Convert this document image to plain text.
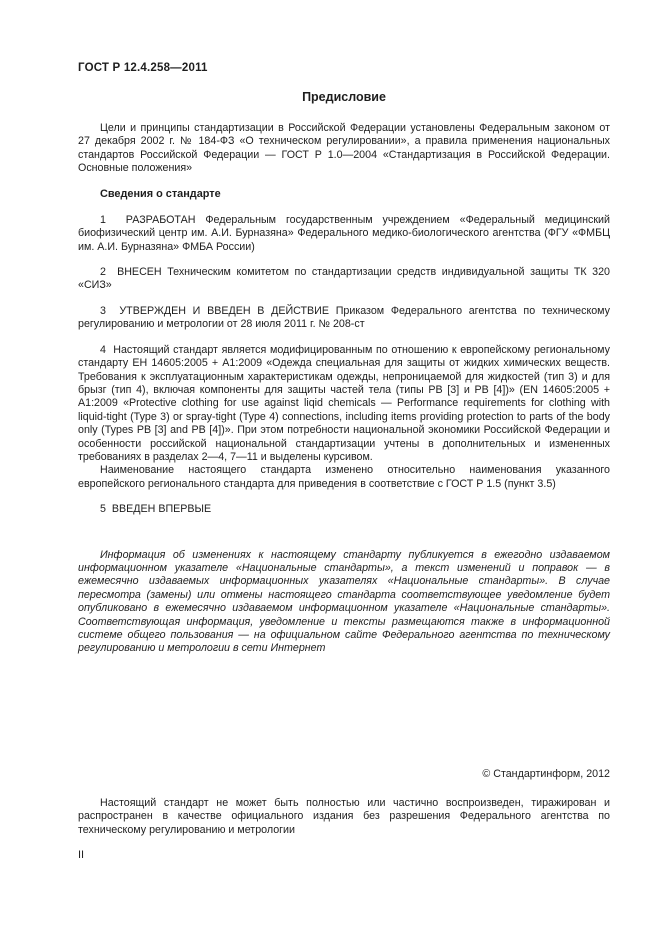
ГОСТ Р 12.4.258—2011
Предисловие

Цели и принципы стандартизации в Российской Федерации установлены Федеральным законом от 27 декабря 2002 г. № 184-ФЗ «О техническом регулировании», а правила применения национальных стандартов Российской Федерации — ГОСТ Р 1.0—2004 «Стандартизация в Российской Федерации. Основные положения»

Сведения о стандарте

1  РАЗРАБОТАН Федеральным государственным учреждением «Федеральный медицинский биофизический центр им. А.И. Бурназяна» Федерального медико-биологического агентства (ФГУ «ФМБЦ им. А.И. Бурназяна» ФМБА России)

2  ВНЕСЕН Техническим комитетом по стандартизации средств индивидуальной защиты ТК 320 «СИЗ»

3  УТВЕРЖДЕН И ВВЕДЕН В ДЕЙСТВИЕ Приказом Федерального агентства по техническому регулированию и метрологии от 28 июля 2011 г. № 208-ст

4  Настоящий стандарт является модифицированным по отношению к европейскому региональному стандарту ЕН 14605:2005 + А1:2009 «Одежда специальная для защиты от жидких химических веществ. Требования к эксплуатационным характеристикам одежды, непроницаемой для жидкостей (тип 3) и для брызг (тип 4), включая компоненты для защиты частей тела (типы РВ [3] и РВ [4])» (EN 14605:2005 + A1:2009 «Protective clothing for use against liqid chemicals — Performance requirements for clothing with liquid-tight (Type 3) or spray-tight (Type 4) connections, including items providing protection to parts of the body only (Types PB [3] and PB [4])». При этом потребности национальной экономики Российской Федерации и особенности российской национальной стандартизации учтены в дополнительных и измененных требованиях в разделах 2—4, 7—11 и выделены курсивом.

Наименование настоящего стандарта изменено относительно наименования указанного европейского регионального стандарта для приведения в соответствие с ГОСТ Р 1.5 (пункт 3.5)

5  ВВЕДЕН ВПЕРВЫЕ

Информация об изменениях к настоящему стандарту публикуется в ежегодно издаваемом информационном указателе «Национальные стандарты», а текст изменений и поправок — в ежемесячно издаваемых информационных указателях «Национальные стандарты». В случае пересмотра (замены) или отмены настоящего стандарта соответствующее уведомление будет опубликовано в ежемесячно издаваемом информационном указателе «Национальные стандарты». Соответствующая информация, уведомление и тексты размещаются также в информационной системе общего пользования — на официальном сайте Федерального агентства по техническому регулированию и метрологии в сети Интернет

© Стандартинформ, 2012

Настоящий стандарт не может быть полностью или частично воспроизведен, тиражирован и распространен в качестве официального издания без разрешения Федерального агентства по техническому регулированию и метрологии

II
